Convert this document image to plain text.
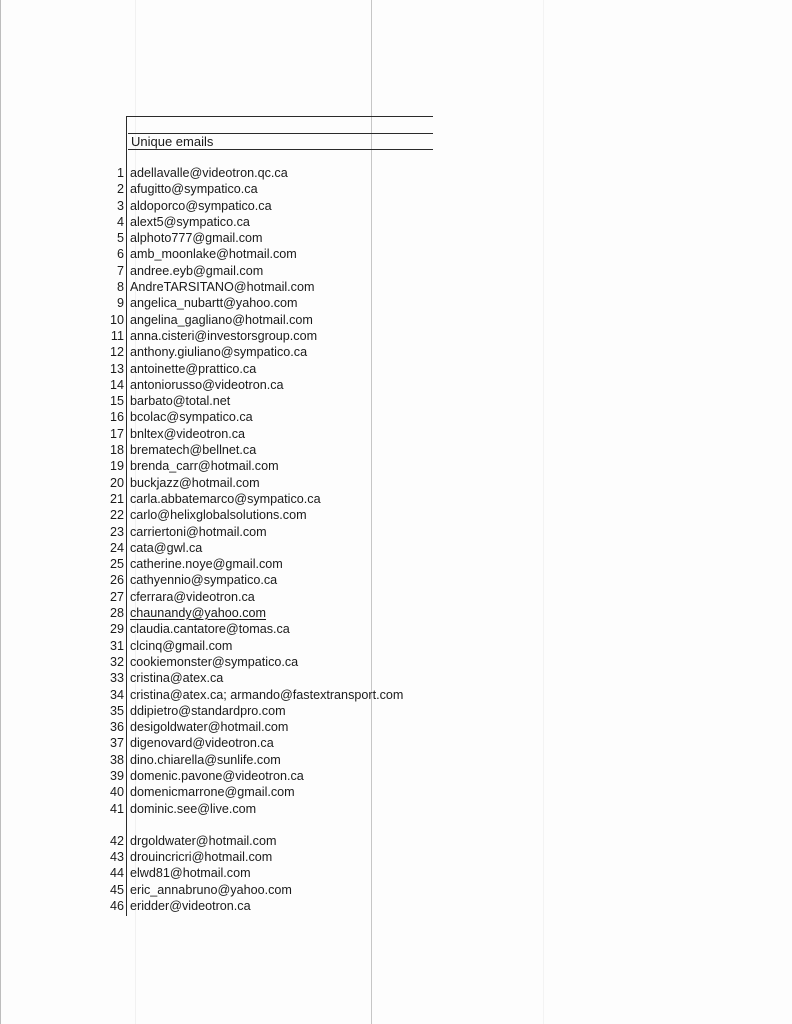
Unique emails
1 adellavalle@videotron.qc.ca
2 afugitto@sympatico.ca
3 aldoporco@sympatico.ca
4 alext5@sympatico.ca
5 alphoto777@gmail.com
6 amb_moonlake@hotmail.com
7 andree.eyb@gmail.com
8 AndreTARSITANO@hotmail.com
9 angelica_nubartt@yahoo.com
10 angelina_gagliano@hotmail.com
11 anna.cisteri@investorsgroup.com
12 anthony.giuliano@sympatico.ca
13 antoinette@prattico.ca
14 antoniorusso@videotron.ca
15 barbato@total.net
16 bcolac@sympatico.ca
17 bnltex@videotron.ca
18 brematech@bellnet.ca
19 brenda_carr@hotmail.com
20 buckjazz@hotmail.com
21 carla.abbatemarco@sympatico.ca
22 carlo@helixglobalsolutions.com
23 carriertoni@hotmail.com
24 cata@gwl.ca
25 catherine.noye@gmail.com
26 cathyennio@sympatico.ca
27 cferrara@videotron.ca
28 chaunandy@yahoo.com
29 claudia.cantatore@tomas.ca
31 clcinq@gmail.com
32 cookiemonster@sympatico.ca
33 cristina@atex.ca
34 cristina@atex.ca; armando@fastextransport.com
35 ddipietro@standardpro.com
36 desigoldwater@hotmail.com
37 digenovard@videotron.ca
38 dino.chiarella@sunlife.com
39 domenic.pavone@videotron.ca
40 domenicmarrone@gmail.com
41 dominic.see@live.com
42 drgoldwater@hotmail.com
43 drouincricri@hotmail.com
44 elwd81@hotmail.com
45 eric_annabruno@yahoo.com
46 eridder@videotron.ca
